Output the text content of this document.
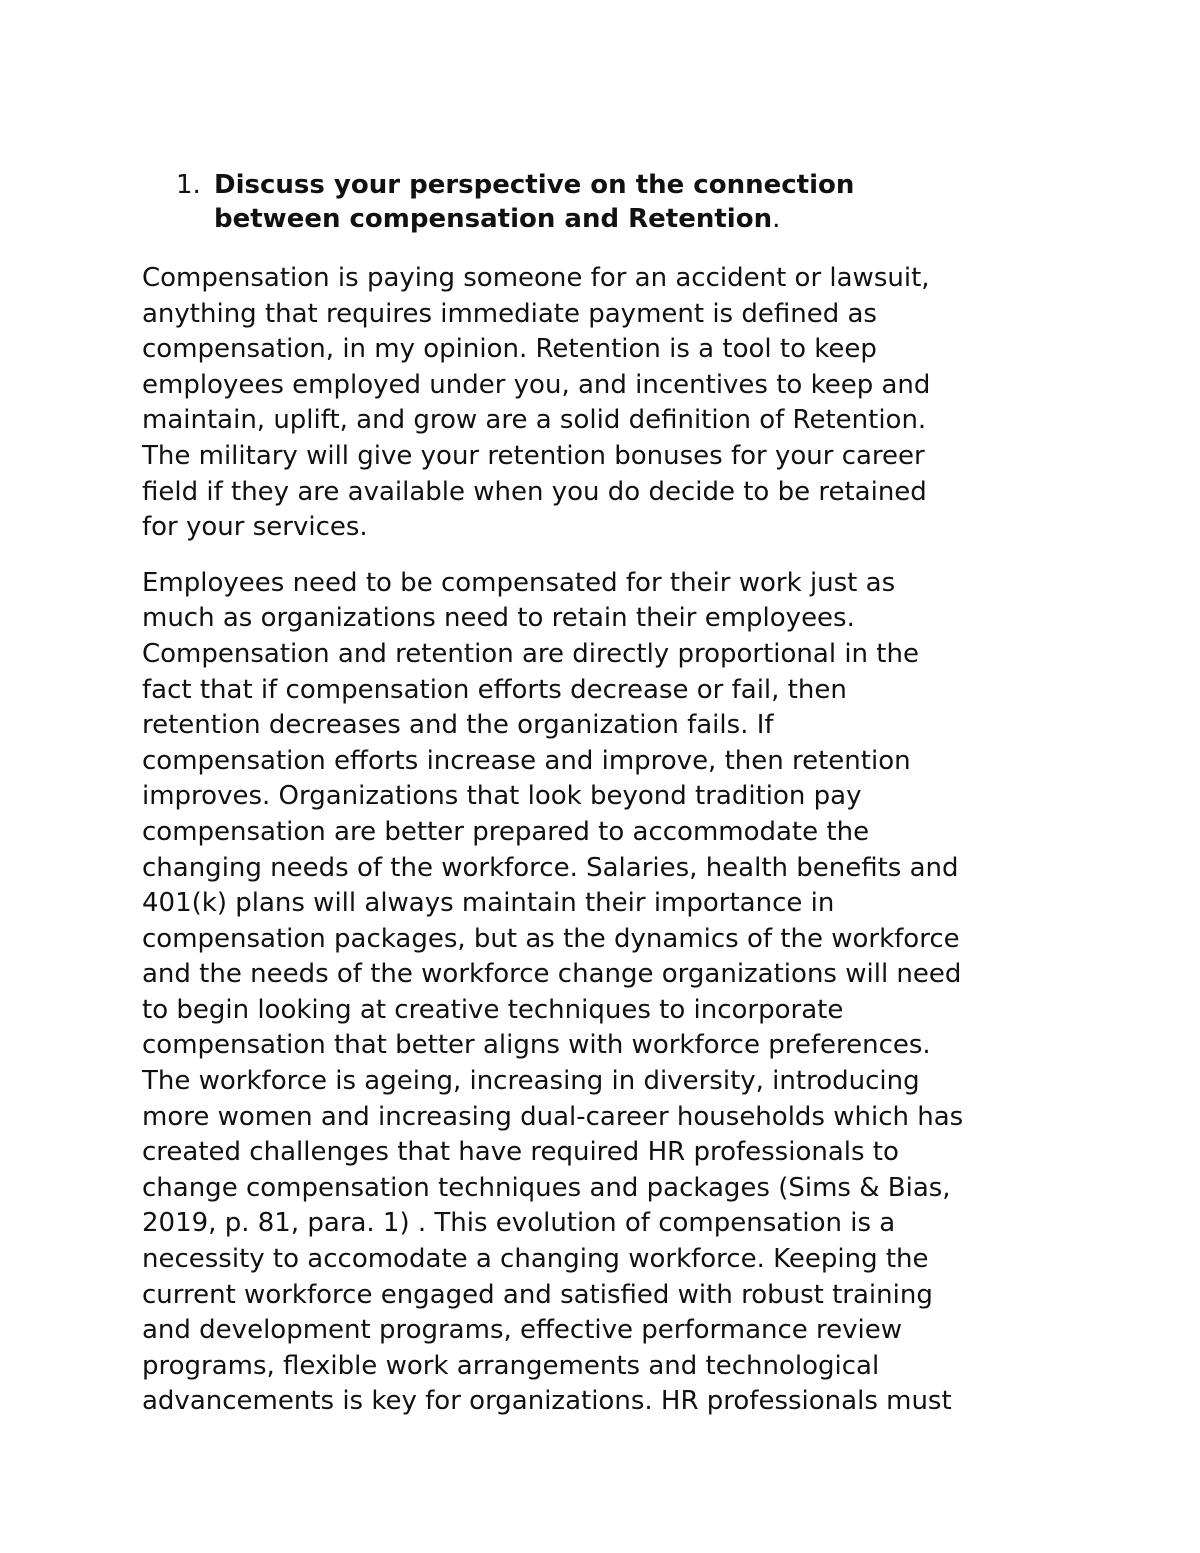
1. Discuss your perspective on the connection
between compensation and Retention.
Compensation is paying someone for an accident or lawsuit,
anything that requires immediate payment is defined as
compensation, in my opinion. Retention is a tool to keep
employees employed under you, and incentives to keep and
maintain, uplift, and grow are a solid definition of Retention.
The military will give your retention bonuses for your career
field if they are available when you do decide to be retained
for your services.
Employees need to be compensated for their work just as
much as organizations need to retain their employees.
Compensation and retention are directly proportional in the
fact that if compensation efforts decrease or fail, then
retention decreases and the organization fails. If
compensation efforts increase and improve, then retention
improves. Organizations that look beyond tradition pay
compensation are better prepared to accommodate the
changing needs of the workforce. Salaries, health benefits and
401(k) plans will always maintain their importance in
compensation packages, but as the dynamics of the workforce
and the needs of the workforce change organizations will need
to begin looking at creative techniques to incorporate
compensation that better aligns with workforce preferences.
The workforce is ageing, increasing in diversity, introducing
more women and increasing dual-career households which has
created challenges that have required HR professionals to
change compensation techniques and packages (Sims & Bias,
2019, p. 81, para. 1) . This evolution of compensation is a
necessity to accomodate a changing workforce. Keeping the
current workforce engaged and satisfied with robust training
and development programs, effective performance review
programs, flexible work arrangements and technological
advancements is key for organizations. HR professionals must
